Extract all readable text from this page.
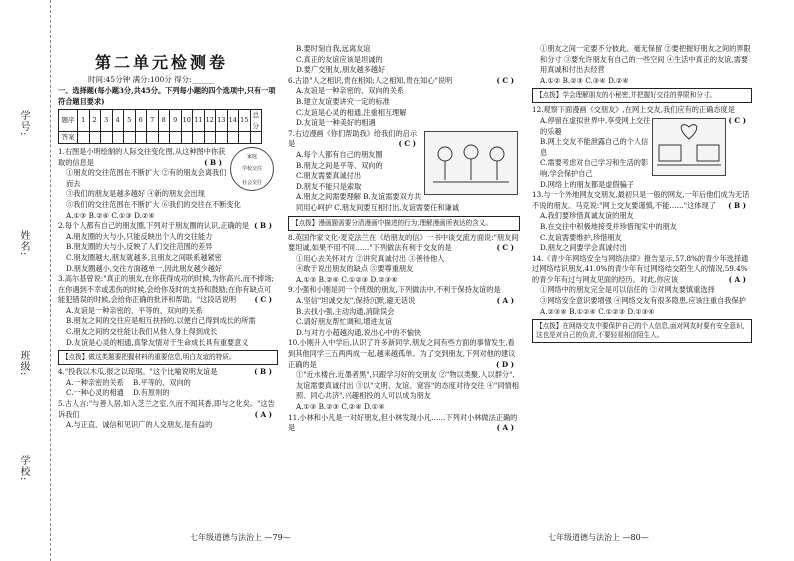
学号:
姓名:
班级:
学校:
第二单元检测卷
时间:45分钟 满分:100分 得分:______

一、选择题(每小题3分,共45分。下列每小题的四个选项中,只有一项符合题目要求)

题序	1	2	3	4	5	6	7	8	9	10	11	12	13	14	15	总分
答案																
家庭
学校交往
社会交往

1.右图是小明绘制的人际交往变化图,从这种图中你获取的信息是	( B )

①朋友的交往范围在不断扩大 ②有的朋友会离我们而去

③我们的朋友是越多越好 ④新的朋友会出现

⑤我们的交往范围在不断扩大 ⑥我们的交往在不断变化

A.①③ B.②④ C.①③ D.②④

2.每个人都有自己的朋友圈,下列对于朋友圈的认识,正确的是 ( B )

A.朋友圈的大与小,只能反映出个人的交往能力

B.朋友圈的大与小,反映了人们交往范围的差异

C.朋友圈越大,朋友就越多,且朋友之间联系越紧密

D.朋友圈越小,交往方面越单一,因此朋友越少越好

3.高尔基曾说:"真正的朋友,在你获得成功的时候,为你高兴,而不捧场;在你遇到不幸或悲伤的时候,会给你及时的支持和鼓励;在你有缺点可能犯错误的时候,会给你正确的批评和帮助。"这段话说明	( C )

A.友谊是一种亲密的、平等的、双向的关系

B.朋友之间的交往应是相互扶持的,以便自己得到成长的所需

C.朋友之间的交往能让我们从他人身上得到成长

D.友谊是心灵的相通,真挚友情对于生命成长具有重要意义

【点拨】做这类题要把握材料的重要信息,明白友谊的特质。

4."投我以木瓜,报之以琼琚。"这个比喻说明友谊是	( B )

A.一种亲密的关系 B.平等的、双向的

C.一种心灵的相通 D.有原则的

5.古人言:"与善人居,如入芝兰之室,久而不闻其香,即与之化矣。"这告诉我们	( A )

A.与正直、诚信和见识广的人交朋友,是有益的

七年级道德与法治上 —79—

B.要时刻自我,远离友谊

C.真正的友谊应该是坦诚的

D.要广交朋友,朋友越多越好

6.古语"人之相识,贵在相知;人之相知,贵在知心"说明	( C )

A.友谊是一种亲密的、双向的关系

B.建立友谊要讲究一定的标准

C.友谊是心灵的相通,注重相互理解

D.友谊是一种美好的相遇

7.右边漫画《你们帮助我》给我们的启示是	( C )

A.每个人都有自己的朋友圈

B.朋友之间是平等、双向的

C.朋友需要真诚付出

D.朋友不能只是索取

A.朋友之间需要理解 B.友谊需要双方共同用心呵护 C.朋友间要互相付出,友谊需要任和谦诚

【点拨】漫画题需要分清漫画中描述的行为,理解漫画所表达的含义。

8.英国作家文化·麦克法兰在《给朋友的信》一书中谈交流方面说:"朋友间要坦诚,如果不用不同……"下列做法有利于交友的是	( C )

①用心去关怀对方 ②讲究真诚付出 ③善待他人

④敢于说出朋友的缺点 ⑤要尊重朋友

A.①③ B.②④ C.①②③ D.②③④

9.小强和小刚是同一个班级的朋友,下列做法中,不利于保持友谊的是
( A )

A.坚信"坦诚交友",保持沉默,避无话说

B.去找小强,主动沟通,消除误会

C.请好朋友帮忙调和,增进友谊

D.与对方小超越沟通,说出心中的不愉快

10.小刚升入中学后,认识了许多新同学,朋友之间有些方面的事情发生,看到其他同学三五两两成一起,越来越孤单。为了交到朋友,下列对他的建议正确的是	( D )

①"近水楼台,近墨者黑",只跟学习好的交朋友 ②"物以类聚,人以群分",友谊需要真诚付出 ③以"文明、友谊、宽容"的态度对待交往 ④"同情相照、同心共济",兴趣相投的人可以成为朋友

A.①③ B.②③ C.②④ D.①④

11.小林和小凡是一对好朋友,但小林发现小凡……下列对小林做法正确的是	( A )

①朋友之间一定要不分彼此、毫无保留 ②要把握好朋友之间的界限和分寸 ③要允许朋友有自己的一些空间 ④生活中真正的友谊,需要用真诚和付出去经营

A.①② B.②③ C.③④ D.②④

【点拨】学会理解朋友的小秘密,并把握好交往的界限和分寸。

12.观察下面漫画《交朋友》,在网上交友,我们应有的正确态度是
( C )

A.停留在虚拟世界中,享受网上交往的乐趣

B.网上交友不能泄露自己的个人信息

C.需要考虑对自己学习和生活的影响,学会保护自己

D.网络上的朋友都是虚假骗子

13.与一个外地网友交朋友,最初只是一般的网友,一年后他们成为无话不说的朋友。马克说:"网上交友要谨慎,不能……"这体现了 ( B )

A.我们要珍惜真诚友谊的朋友

B.在交往中积极地接受并珍惜现实中的朋友

C.友谊需要维护,珍惜朋友

D.朋友之间要学会真诚付出

14.《青少年网络安全与网络法律》报告显示,57.8%的青少年选择通过网络结识朋友,41.0%的青少年有过网络结交陌生人的情况,59.4%的青少年有过与网友见面的经历。对此,你应该	( A )

①网络中的朋友完全是可以信任的 ②对网友要慎重选择

③网络安全意识要增强 ④网络交友有很多隐患,应该注重自我保护

A.②③④ B.①②④ C.①②③ D.①③④

【点拨】在网络交友中要保护自己的个人信息,面对网友时要有安全意识,这也是对自己的负责,不要轻易相信陌生人。
七年级道德与法治上 —80—
